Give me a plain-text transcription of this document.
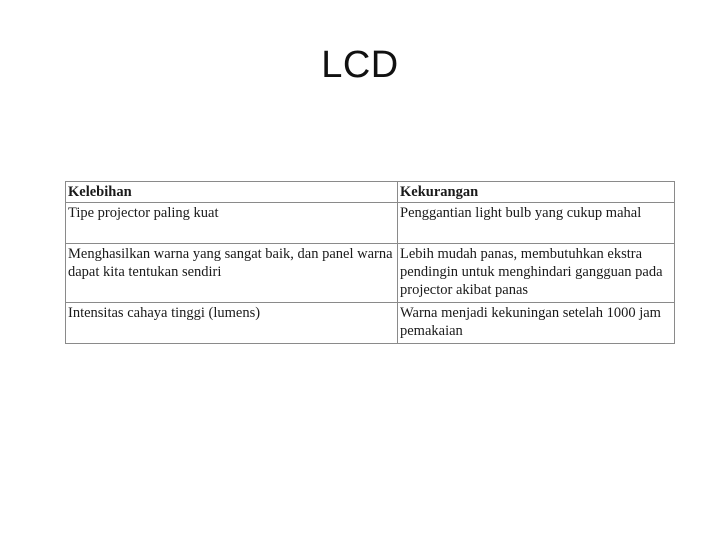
LCD
Kelebihan	Kekurangan
Tipe projector paling kuat	Penggantian light bulb yang cukup mahal
Menghasilkan warna yang sangat baik, dan panel warna dapat kita tentukan sendiri	Lebih mudah panas, membutuhkan ekstra pendingin untuk menghindari gangguan pada projector akibat panas
Intensitas cahaya tinggi (lumens)	Warna menjadi kekuningan setelah 1000 jam pemakaian
